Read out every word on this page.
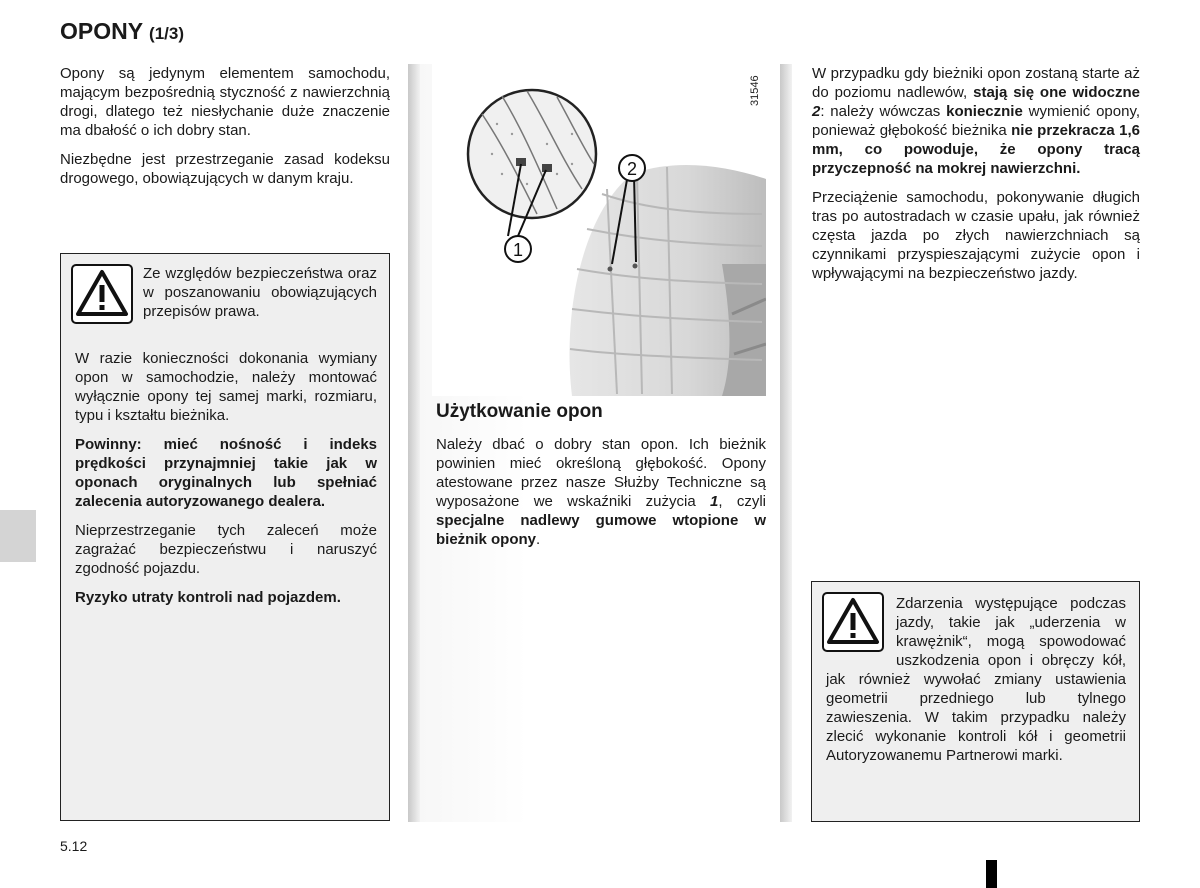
OPONY (1/3)

Opony są jedynym elementem samochodu, mającym bezpośrednią styczność z nawierzchnią drogi, dlatego też niesłychanie duże znaczenie ma dbałość o ich dobry stan.

Niezbędne jest przestrzeganie zasad kodeksu drogowego, obowiązujących w danym kraju.

Ze względów bezpieczeństwa oraz w poszanowaniu obowiązujących przepisów prawa.

W razie konieczności dokonania wymiany opon w samochodzie, należy montować wyłącznie opony tej samej marki, rozmiaru, typu i kształtu bieżnika.

Powinny: mieć nośność i indeks prędkości przynajmniej takie jak w oponach oryginalnych lub spełniać zalecenia autoryzowanego dealera.

Nieprzestrzeganie tych zaleceń może zagrażać bezpieczeństwu i naruszyć zgodność pojazdu.

Ryzyko utraty kontroli nad pojazdem.

1
2
31546
Użytkowanie opon

Należy dbać o dobry stan opon. Ich bieżnik powinien mieć określoną głębokość. Opony atestowane przez nasze Służby Techniczne są wyposażone we wskaźniki zużycia 1, czyli specjalne nadlewy gumowe wtopione w bieżnik opony.

W przypadku gdy bieżniki opon zostaną starte aż do poziomu nadlewów, stają się one widoczne 2: należy wówczas koniecznie wymienić opony, ponieważ głębokość bieżnika nie przekracza 1,6 mm, co powoduje, że opony tracą przyczepność na mokrej nawierzchni.

Przeciążenie samochodu, pokonywanie długich tras po autostradach w czasie upału, jak również częsta jazda po złych nawierzchniach są czynnikami przyspieszającymi zużycie opon i wpływającymi na bezpieczeństwo jazdy.

Zdarzenia występujące podczas jazdy, takie jak „uderzenia w krawężnik“, mogą spowodować uszkodzenia opon i obręczy kół, jak również wywołać zmiany ustawienia geometrii przedniego lub tylnego zawieszenia. W takim przypadku należy zlecić wykonanie kontroli kół i geometrii Autoryzowanemu Partnerowi marki.

5.12
